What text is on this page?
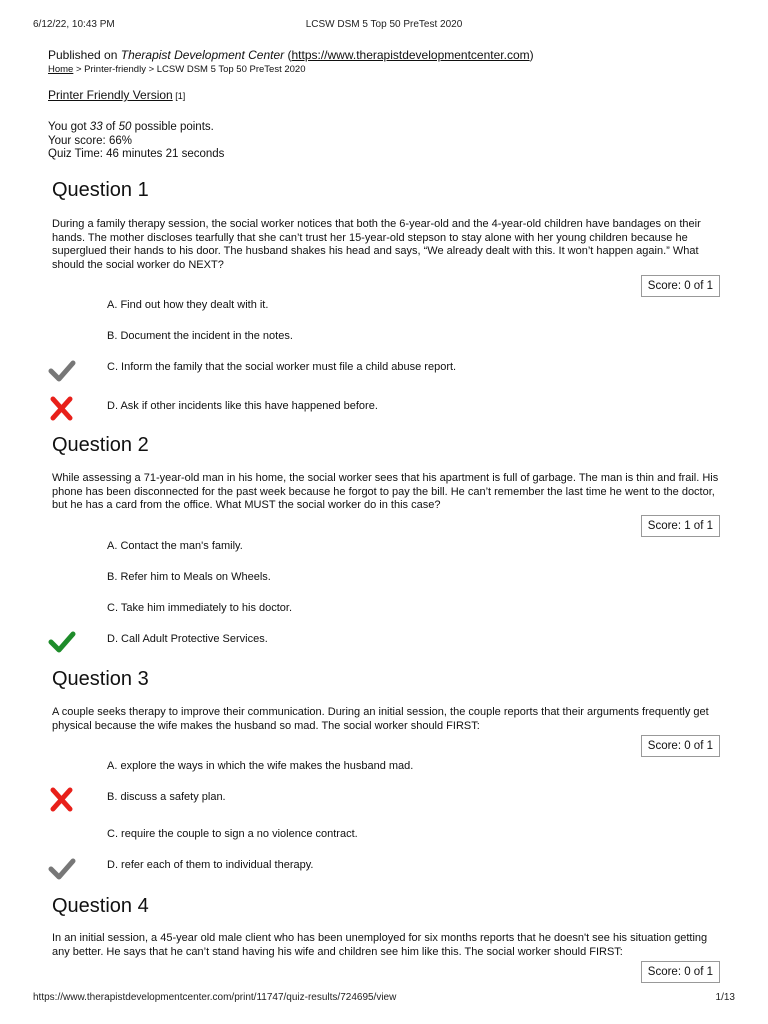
6/12/22, 10:43 PM	LCSW DSM 5 Top 50 PreTest 2020
Published on Therapist Development Center (https://www.therapistdevelopmentcenter.com)
Home > Printer-friendly > LCSW DSM 5 Top 50 PreTest 2020
Printer Friendly Version [1]
You got 33 of 50 possible points.
Your score: 66%
Quiz Time: 46 minutes 21 seconds
Question 1
During a family therapy session, the social worker notices that both the 6-year-old and the 4-year-old children have bandages on their hands. The mother discloses tearfully that she can’t trust her 15-year-old stepson to stay alone with her young children because he superglued their hands to his door. The husband shakes his head and says, “We already dealt with this. It won’t happen again.” What should the social worker do NEXT?
Score: 0 of 1
A. Find out how they dealt with it.
B. Document the incident in the notes.
C. Inform the family that the social worker must file a child abuse report.
D. Ask if other incidents like this have happened before.
Question 2
While assessing a 71-year-old man in his home, the social worker sees that his apartment is full of garbage. The man is thin and frail. His phone has been disconnected for the past week because he forgot to pay the bill. He can’t remember the last time he went to the doctor, but he has a card from the office. What MUST the social worker do in this case?
Score: 1 of 1
A. Contact the man's family.
B. Refer him to Meals on Wheels.
C. Take him immediately to his doctor.
D. Call Adult Protective Services.
Question 3
A couple seeks therapy to improve their communication. During an initial session, the couple reports that their arguments frequently get physical because the wife makes the husband so mad. The social worker should FIRST:
Score: 0 of 1
A. explore the ways in which the wife makes the husband mad.
B. discuss a safety plan.
C. require the couple to sign a no violence contract.
D. refer each of them to individual therapy.
Question 4
In an initial session, a 45-year old male client who has been unemployed for six months reports that he doesn't see his situation getting any better. He says that he can’t stand having his wife and children see him like this. The social worker should FIRST:
Score: 0 of 1
https://www.therapistdevelopmentcenter.com/print/11747/quiz-results/724695/view	1/13
